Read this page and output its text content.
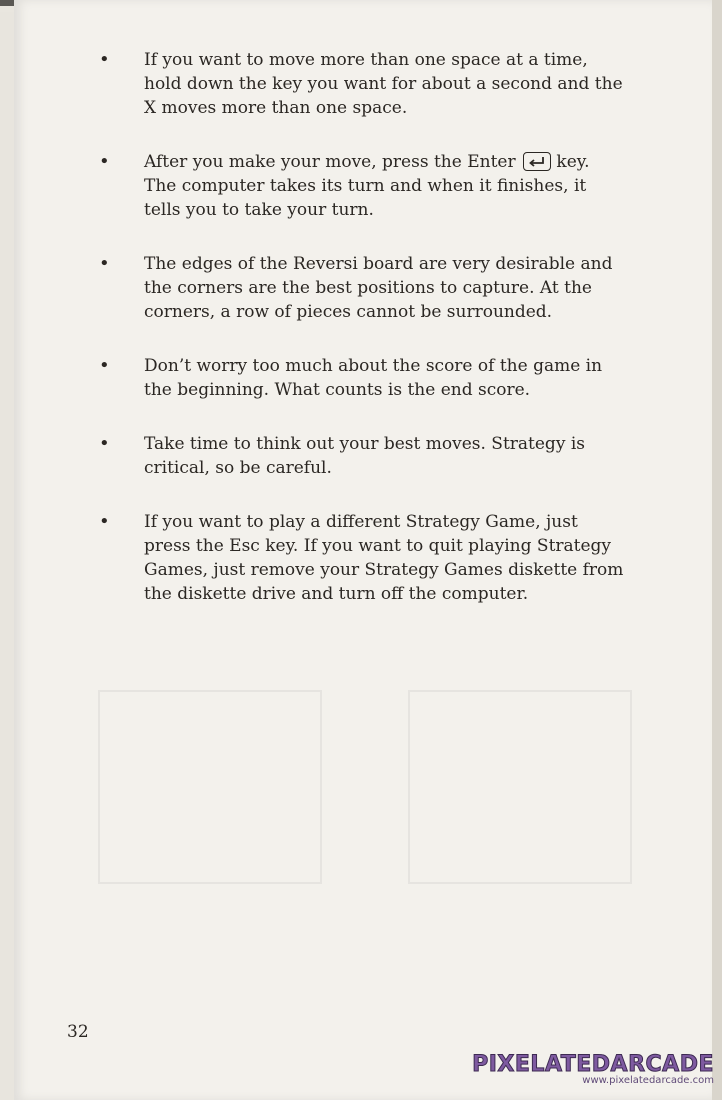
•	If you want to move more than one space at a time, hold down the key you want for about a second and the X moves more than one space.
•	After you make your move, press the Enter key. The computer takes its turn and when it finishes, it tells you to take your turn.
•	The edges of the Reversi board are very desirable and the corners are the best positions to capture. At the corners, a row of pieces cannot be surrounded.
•	Don’t worry too much about the score of the game in the beginning. What counts is the end score.
•	Take time to think out your best moves. Strategy is critical, so be careful.
•	If you want to play a different Strategy Game, just press the Esc key. If you want to quit playing Strategy Games, just remove your Strategy Games diskette from the diskette drive and turn off the computer.
32
PIXELATEDARCADE
www.pixelatedarcade.com
